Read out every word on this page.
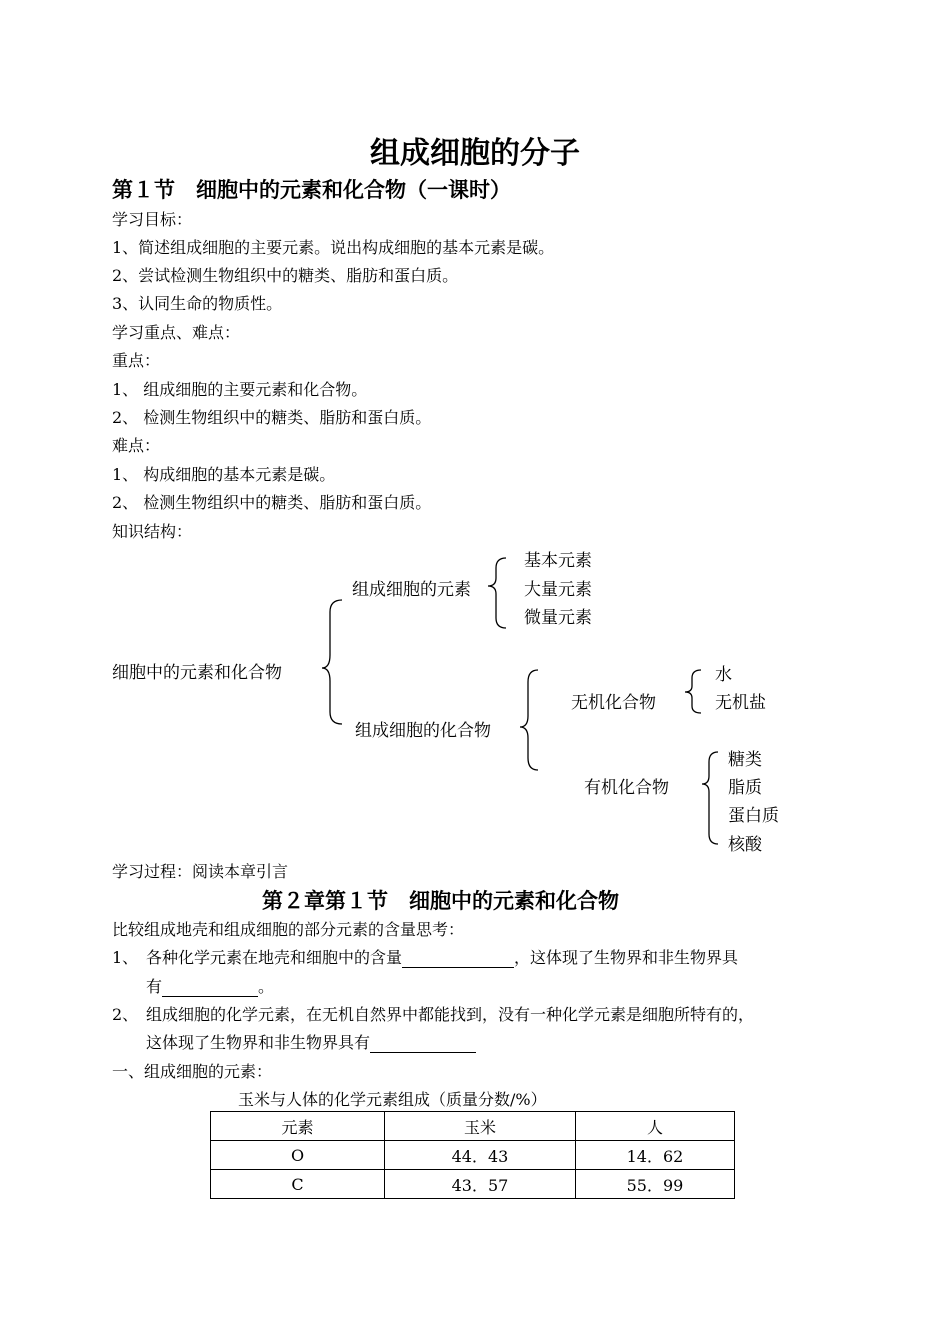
组成细胞的分子
第１节　细胞中的元素和化合物（一课时）
学习目标：
1、简述组成细胞的主要元素。说出构成细胞的基本元素是碳。
2、尝试检测生物组织中的糖类、脂肪和蛋白质。
3、认同生命的物质性。
学习重点、难点：
重点：
1、 组成细胞的主要元素和化合物。
2、 检测生物组织中的糖类、脂肪和蛋白质。
难点：
1、 构成细胞的基本元素是碳。
2、 检测生物组织中的糖类、脂肪和蛋白质。
知识结构：
细胞中的元素和化合物
组成细胞的元素
基本元素
大量元素
微量元素
组成细胞的化合物
无机化合物
水
无机盐
有机化合物
糖类
脂质
蛋白质
核酸
学习过程：阅读本章引言
第２章第１节　细胞中的元素和化合物
比较组成地壳和组成细胞的部分元素的含量思考：
1、 各种化学元素在地壳和细胞中的含量	，这体现了生物界和非生物界具
有	。
2、 组成细胞的化学元素，在无机自然界中都能找到，没有一种化学元素是细胞所特有的，
这体现了生物界和非生物界具有
一、组成细胞的元素：
玉米与人体的化学元素组成（质量分数/%）
元素	玉米	人
O	44．43	14．62
C	43．57	55．99
